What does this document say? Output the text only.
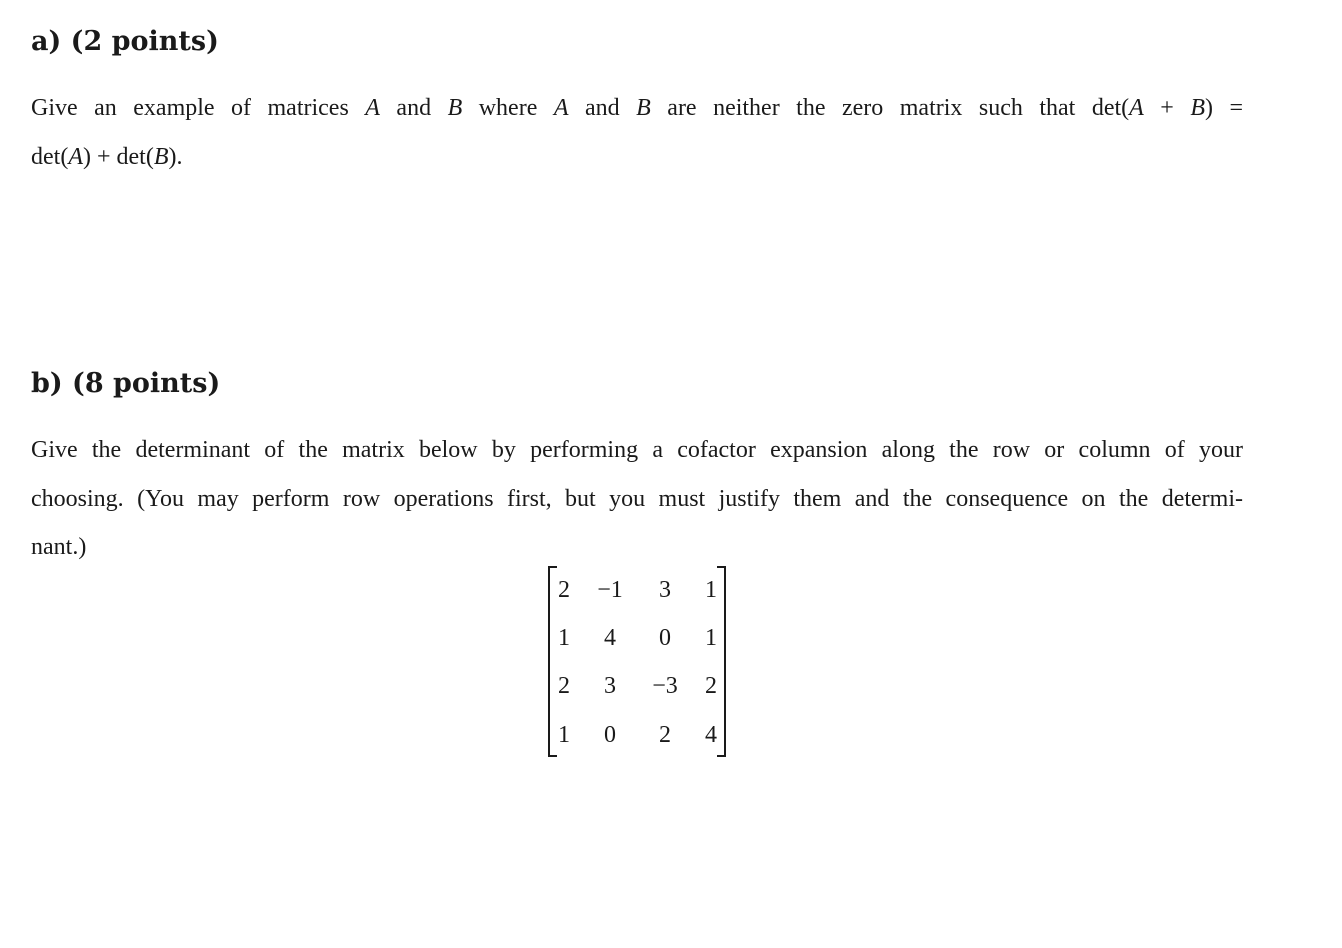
a) (2 points)

Give an example of matrices A and B where A and B are neither the zero matrix such that det(A + B) =

det(A) + det(B).

b) (8 points)

Give the determinant of the matrix below by performing a cofactor expansion along the row or column of your

choosing. (You may perform row operations first, but you must justify them and the consequence on the determi-

nant.)

2	−1	3	1
1	4	0	1
2	3	−3	2
1	0	2	4
